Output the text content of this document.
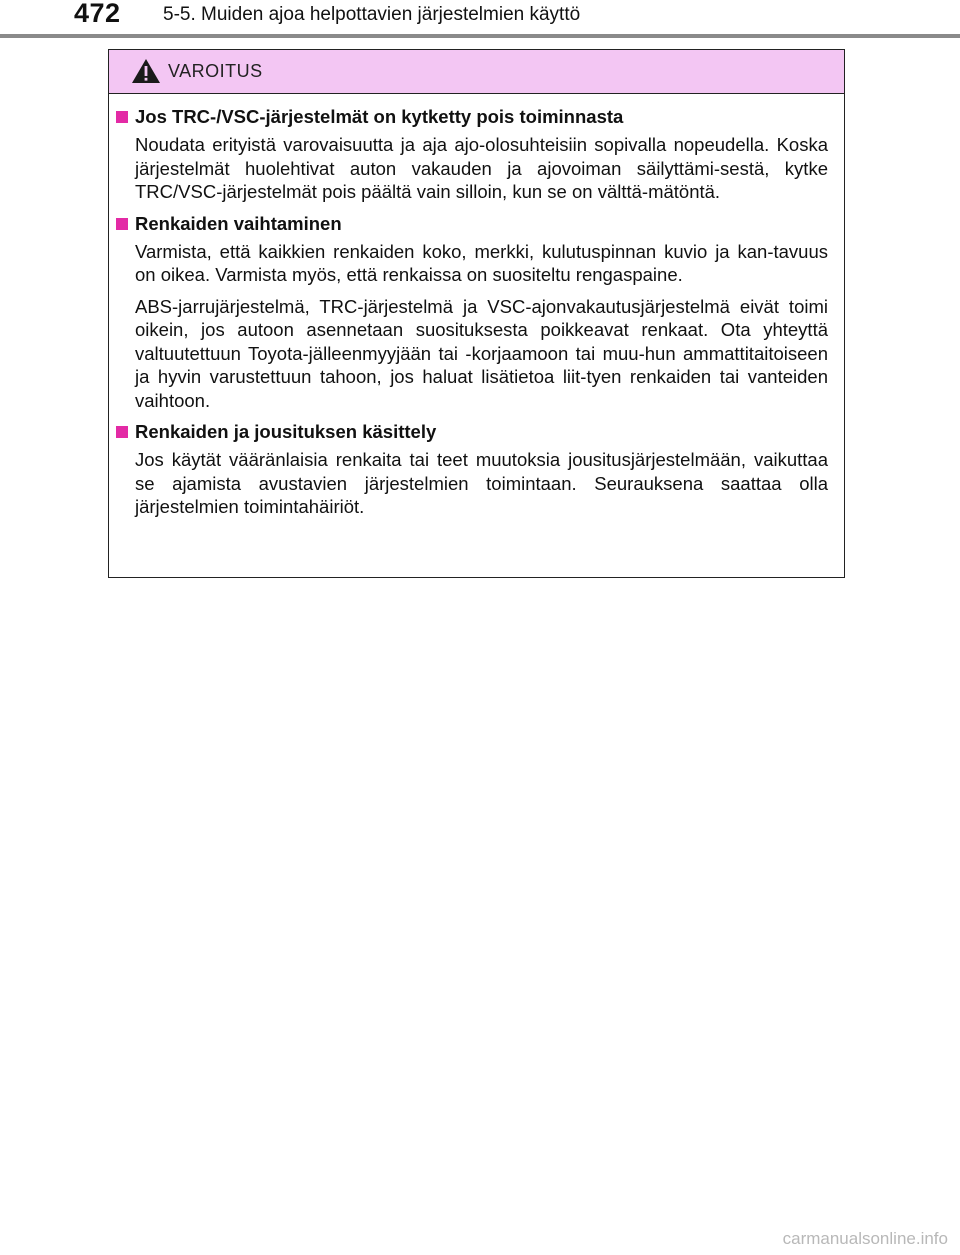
472 5-5. Muiden ajoa helpottavien järjestelmien käyttö
VAROITUS
Jos TRC-/VSC-järjestelmät on kytketty pois toiminnasta

Noudata erityistä varovaisuutta ja aja ajo-olosuhteisiin sopivalla nopeudella. Koska järjestelmät huolehtivat auton vakauden ja ajovoiman säilyttämi-sestä, kytke TRC/VSC-järjestelmät pois päältä vain silloin, kun se on välttä-mätöntä.

Renkaiden vaihtaminen

Varmista, että kaikkien renkaiden koko, merkki, kulutuspinnan kuvio ja kan-tavuus on oikea. Varmista myös, että renkaissa on suositeltu rengaspaine.

ABS-jarrujärjestelmä, TRC-järjestelmä ja VSC-ajonvakautusjärjestelmä eivät toimi oikein, jos autoon asennetaan suosituksesta poikkeavat renkaat. Ota yhteyttä valtuutettuun Toyota-jälleenmyyjään tai -korjaamoon tai muu-hun ammattitaitoiseen ja hyvin varustettuun tahoon, jos haluat lisätietoa liit-tyen renkaiden tai vanteiden vaihtoon.

Renkaiden ja jousituksen käsittely

Jos käytät vääränlaisia renkaita tai teet muutoksia jousitusjärjestelmään, vaikuttaa se ajamista avustavien järjestelmien toimintaan. Seurauksena saattaa olla järjestelmien toimintahäiriöt.

carmanualsonline.info
